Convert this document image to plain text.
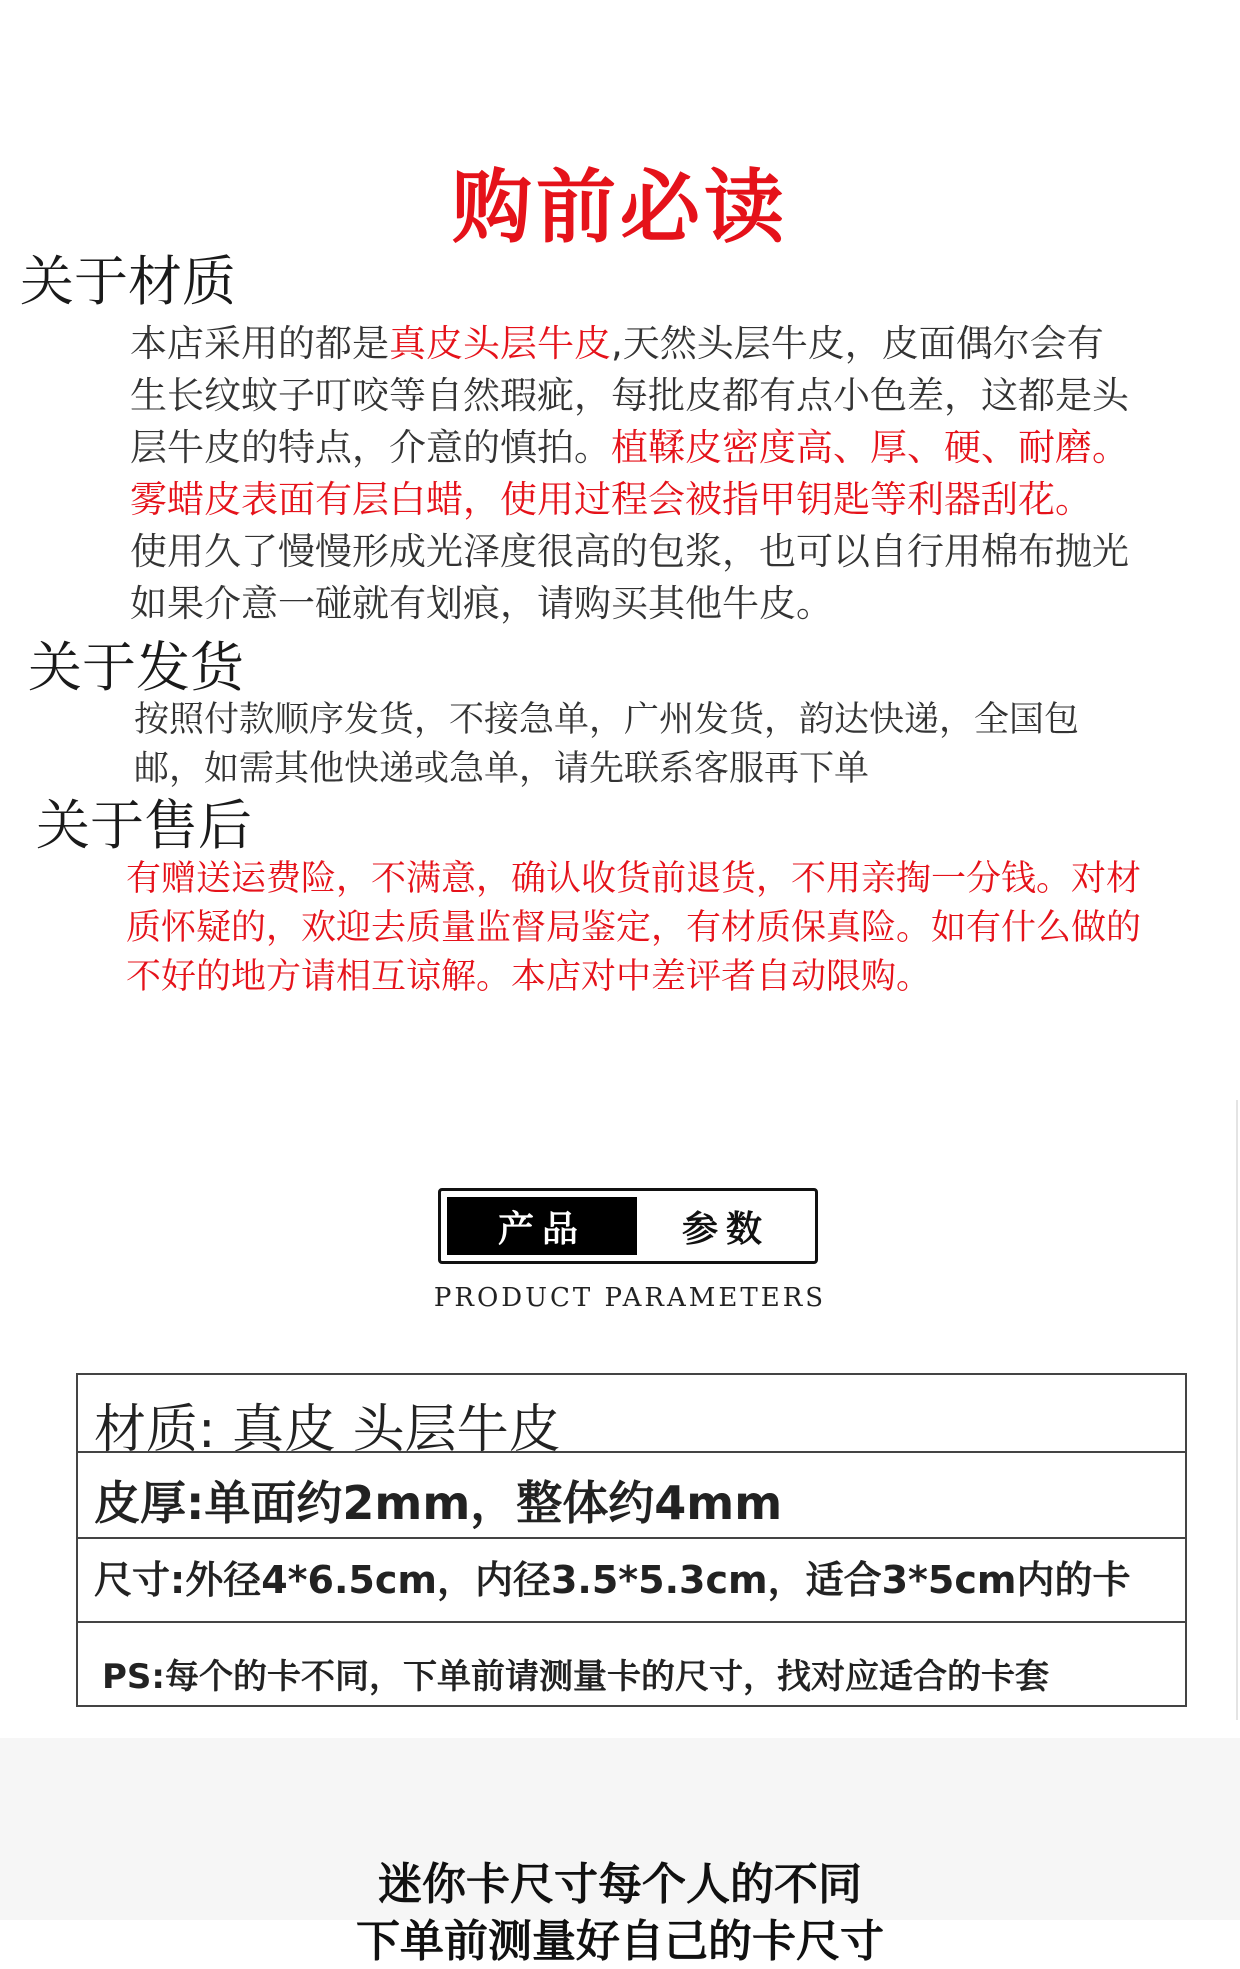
购前必读
关于材质
本店采用的都是真皮头层牛皮,天然头层牛皮，皮面偶尔会有
生长纹蚊子叮咬等自然瑕疵，每批皮都有点小色差，这都是头
层牛皮的特点，介意的慎拍。植鞣皮密度高、厚、硬、耐磨。
雾蜡皮表面有层白蜡，使用过程会被指甲钥匙等利器刮花。
使用久了慢慢形成光泽度很高的包浆，也可以自行用棉布抛光
如果介意一碰就有划痕，请购买其他牛皮。
关于发货
按照付款顺序发货，不接急单，广州发货，韵达快递，全国包
邮，如需其他快递或急单，请先联系客服再下单
关于售后
有赠送运费险，不满意，确认收货前退货，不用亲掏一分钱。对材
质怀疑的，欢迎去质量监督局鉴定，有材质保真险。如有什么做的
不好的地方请相互谅解。本店对中差评者自动限购。
产品	参数
PRODUCT PARAMETERS
材质: 真皮 头层牛皮
皮厚:单面约2mm，整体约4mm
尺寸:外径4*6.5cm，内径3.5*5.3cm，适合3*5cm内的卡
PS:每个的卡不同，下单前请测量卡的尺寸，找对应适合的卡套
迷你卡尺寸每个人的不同
下单前测量好自己的卡尺寸
